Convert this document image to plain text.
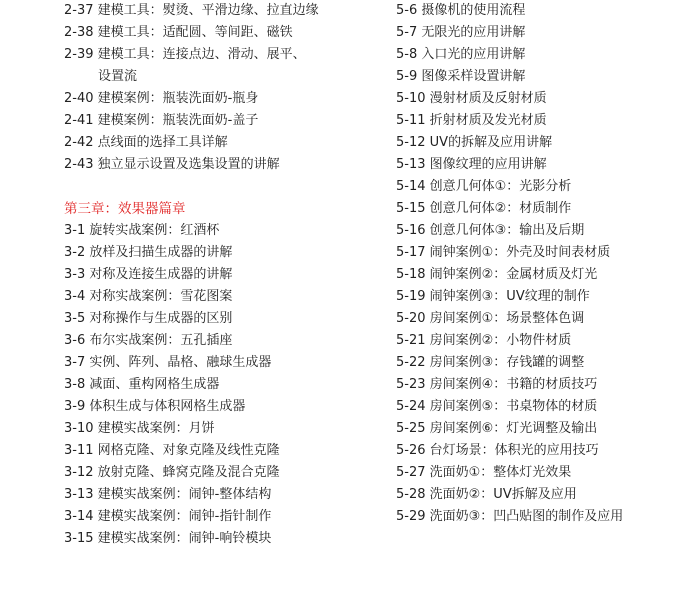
2-37 建模工具：熨烫、平滑边缘、拉直边缘
2-38 建模工具：适配圆、等间距、磁铁
2-39 建模工具：连接点边、滑动、展平、
设置流
2-40 建模案例：瓶装洗面奶-瓶身
2-41 建模案例：瓶装洗面奶-盖子
2-42 点线面的选择工具详解
2-43 独立显示设置及选集设置的讲解
第三章：效果器篇章
3-1 旋转实战案例：红酒杯
3-2 放样及扫描生成器的讲解
3-3 对称及连接生成器的讲解
3-4 对称实战案例：雪花图案
3-5 对称操作与生成器的区别
3-6 布尔实战案例：五孔插座
3-7 实例、阵列、晶格、融球生成器
3-8 减面、重构网格生成器
3-9 体积生成与体积网格生成器
3-10 建模实战案例：月饼
3-11 网格克隆、对象克隆及线性克隆
3-12 放射克隆、蜂窝克隆及混合克隆
3-13 建模实战案例：闹钟-整体结构
3-14 建模实战案例：闹钟-指针制作
3-15 建模实战案例：闹钟-响铃模块
5-6 摄像机的使用流程
5-7 无限光的应用讲解
5-8 入口光的应用讲解
5-9 图像采样设置讲解
5-10 漫射材质及反射材质
5-11 折射材质及发光材质
5-12 UV的拆解及应用讲解
5-13 图像纹理的应用讲解
5-14 创意几何体①：光影分析
5-15 创意几何体②：材质制作
5-16 创意几何体③：输出及后期
5-17 闹钟案例①：外壳及时间表材质
5-18 闹钟案例②：金属材质及灯光
5-19 闹钟案例③：UV纹理的制作
5-20 房间案例①：场景整体色调
5-21 房间案例②：小物件材质
5-22 房间案例③：存钱罐的调整
5-23 房间案例④：书籍的材质技巧
5-24 房间案例⑤：书桌物体的材质
5-25 房间案例⑥：灯光调整及输出
5-26 台灯场景：体积光的应用技巧
5-27 洗面奶①：整体灯光效果
5-28 洗面奶②：UV拆解及应用
5-29 洗面奶③：凹凸贴图的制作及应用
